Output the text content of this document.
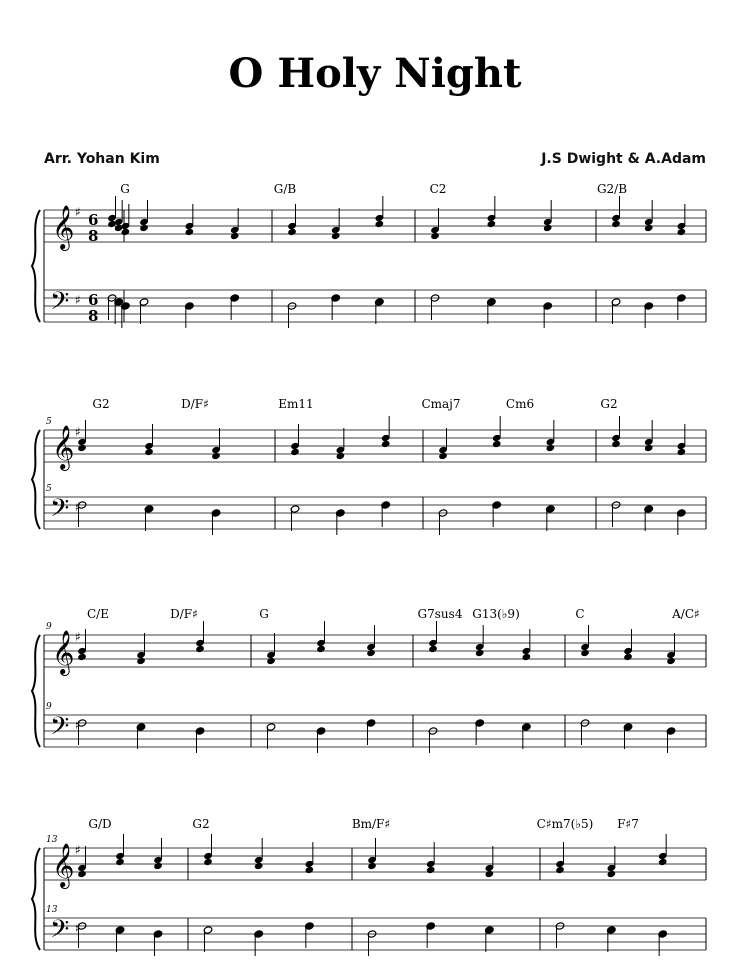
O Holy Night
Arr. Yohan Kim	J.S Dwight & A.Adam
𝄞
𝄢
♯
♯
6
8
6
8
G	G/B	C2	G2/B
𝄞
𝄢
♯
♯
5
5
G2	D/F♯	Em11	Cmaj7	Cm6	G2
𝄞
𝄢
♯
♯
9
9
C/E	D/F♯	G	G7sus4 G13(♭9)	C	A/C♯
𝄞
𝄢
♯
♯
13
13
G/D	G2	Bm/F♯	C♯m7(♭5) F♯7
